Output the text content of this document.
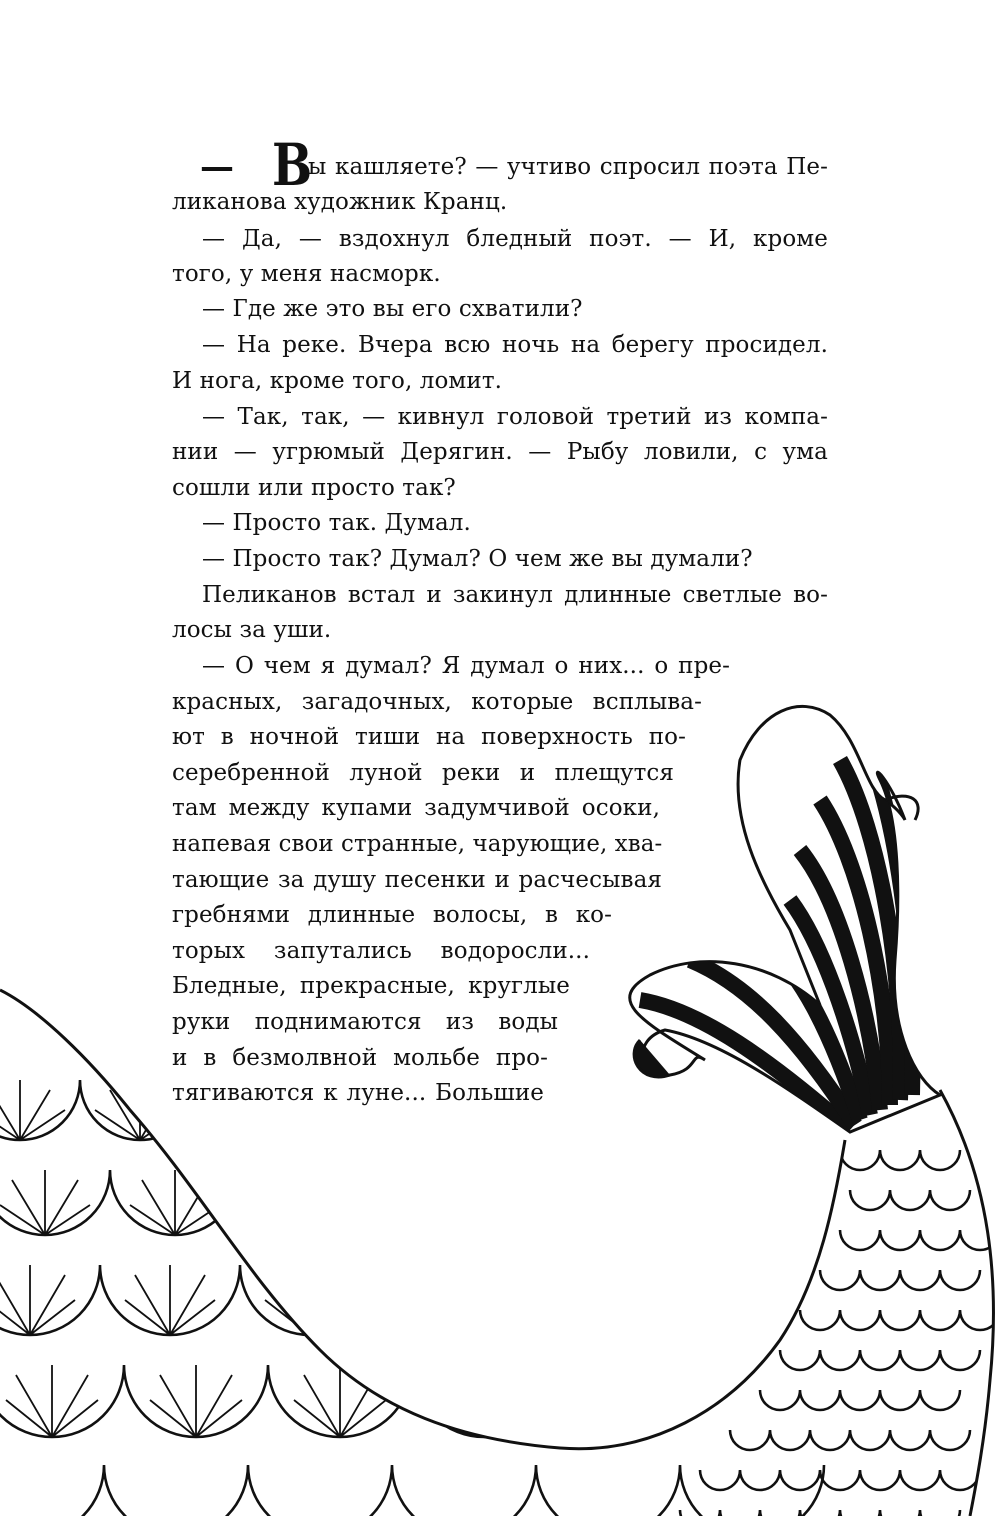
— В
ы кашляете? — учтиво спросил поэта Пе-
ликанова художник Кранц.
— Да, — вздохнул бледный поэт. — И, кроме
того, у меня насморк.
— Где же это вы его схватили?
— На реке. Вчера всю ночь на берегу просидел.
И нога, кроме того, ломит.
— Так, так, — кивнул головой третий из компа-
нии — угрюмый Дерягин. — Рыбу ловили, с ума
сошли или просто так?
— Просто так. Думал.
— Просто так? Думал? О чем же вы думали?
Пеликанов встал и закинул длинные светлые во-
лосы за уши.
— О чем я думал? Я думал о них... о пре-
красных, загадочных, которые всплыва-
ют в ночной тиши на поверхность по-
серебренной луной реки и плещутся
там между купами задумчивой осоки,
напевая свои странные, чарующие, хва-
тающие за душу песенки и расчесывая
гребнями длинные волосы, в ко-
торых запутались водоросли...
Бледные, прекрасные, круглые
руки поднимаются из воды
и в безмолвной мольбе про-
тягиваются к луне... Большие
